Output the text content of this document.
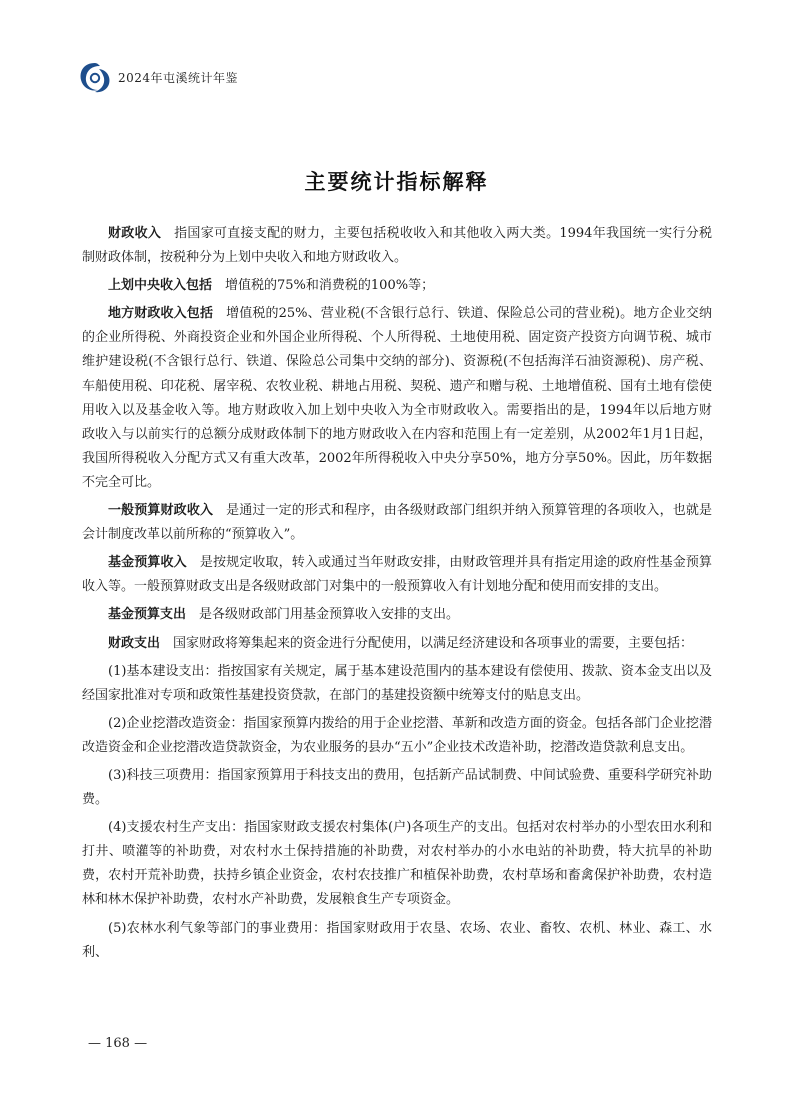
2024年屯溪统计年鉴
主要统计指标解释

财政收入 指国家可直接支配的财力，主要包括税收收入和其他收入两大类。1994年我国统一实行分税制财政体制，按税种分为上划中央收入和地方财政收入。

上划中央收入包括 增值税的75%和消费税的100%等；

地方财政收入包括 增值税的25%、营业税(不含银行总行、铁道、保险总公司的营业税)。地方企业交纳的企业所得税、外商投资企业和外国企业所得税、个人所得税、土地使用税、固定资产投资方向调节税、城市维护建设税(不含银行总行、铁道、保险总公司集中交纳的部分)、资源税(不包括海洋石油资源税)、房产税、车船使用税、印花税、屠宰税、农牧业税、耕地占用税、契税、遗产和赠与税、土地增值税、国有土地有偿使用收入以及基金收入等。地方财政收入加上划中央收入为全市财政收入。需要指出的是，1994年以后地方财政收入与以前实行的总额分成财政体制下的地方财政收入在内容和范围上有一定差别，从2002年1月1日起，我国所得税收入分配方式又有重大改革，2002年所得税收入中央分享50%，地方分享50%。因此，历年数据不完全可比。

一般预算财政收入 是通过一定的形式和程序，由各级财政部门组织并纳入预算管理的各项收入，也就是会计制度改革以前所称的“预算收入”。

基金预算收入 是按规定收取，转入或通过当年财政安排，由财政管理并具有指定用途的政府性基金预算收入等。一般预算财政支出是各级财政部门对集中的一般预算收入有计划地分配和使用而安排的支出。

基金预算支出 是各级财政部门用基金预算收入安排的支出。

财政支出 国家财政将筹集起来的资金进行分配使用，以满足经济建设和各项事业的需要，主要包括：

(1)基本建设支出：指按国家有关规定，属于基本建设范围内的基本建设有偿使用、拨款、资本金支出以及经国家批准对专项和政策性基建投资贷款，在部门的基建投资额中统筹支付的贴息支出。

(2)企业挖潜改造资金：指国家预算内拨给的用于企业挖潜、革新和改造方面的资金。包括各部门企业挖潜改造资金和企业挖潜改造贷款资金，为农业服务的县办“五小”企业技术改造补助，挖潜改造贷款利息支出。

(3)科技三项费用：指国家预算用于科技支出的费用，包括新产品试制费、中间试验费、重要科学研究补助费。

(4)支援农村生产支出：指国家财政支援农村集体(户)各项生产的支出。包括对农村举办的小型农田水利和打井、喷灌等的补助费，对农村水土保持措施的补助费，对农村举办的小水电站的补助费，特大抗旱的补助费，农村开荒补助费，扶持乡镇企业资金，农村农技推广和植保补助费，农村草场和畜禽保护补助费，农村造林和林木保护补助费，农村水产补助费，发展粮食生产专项资金。

(5)农林水利气象等部门的事业费用：指国家财政用于农垦、农场、农业、畜牧、农机、林业、森工、水利、

— 168 —
